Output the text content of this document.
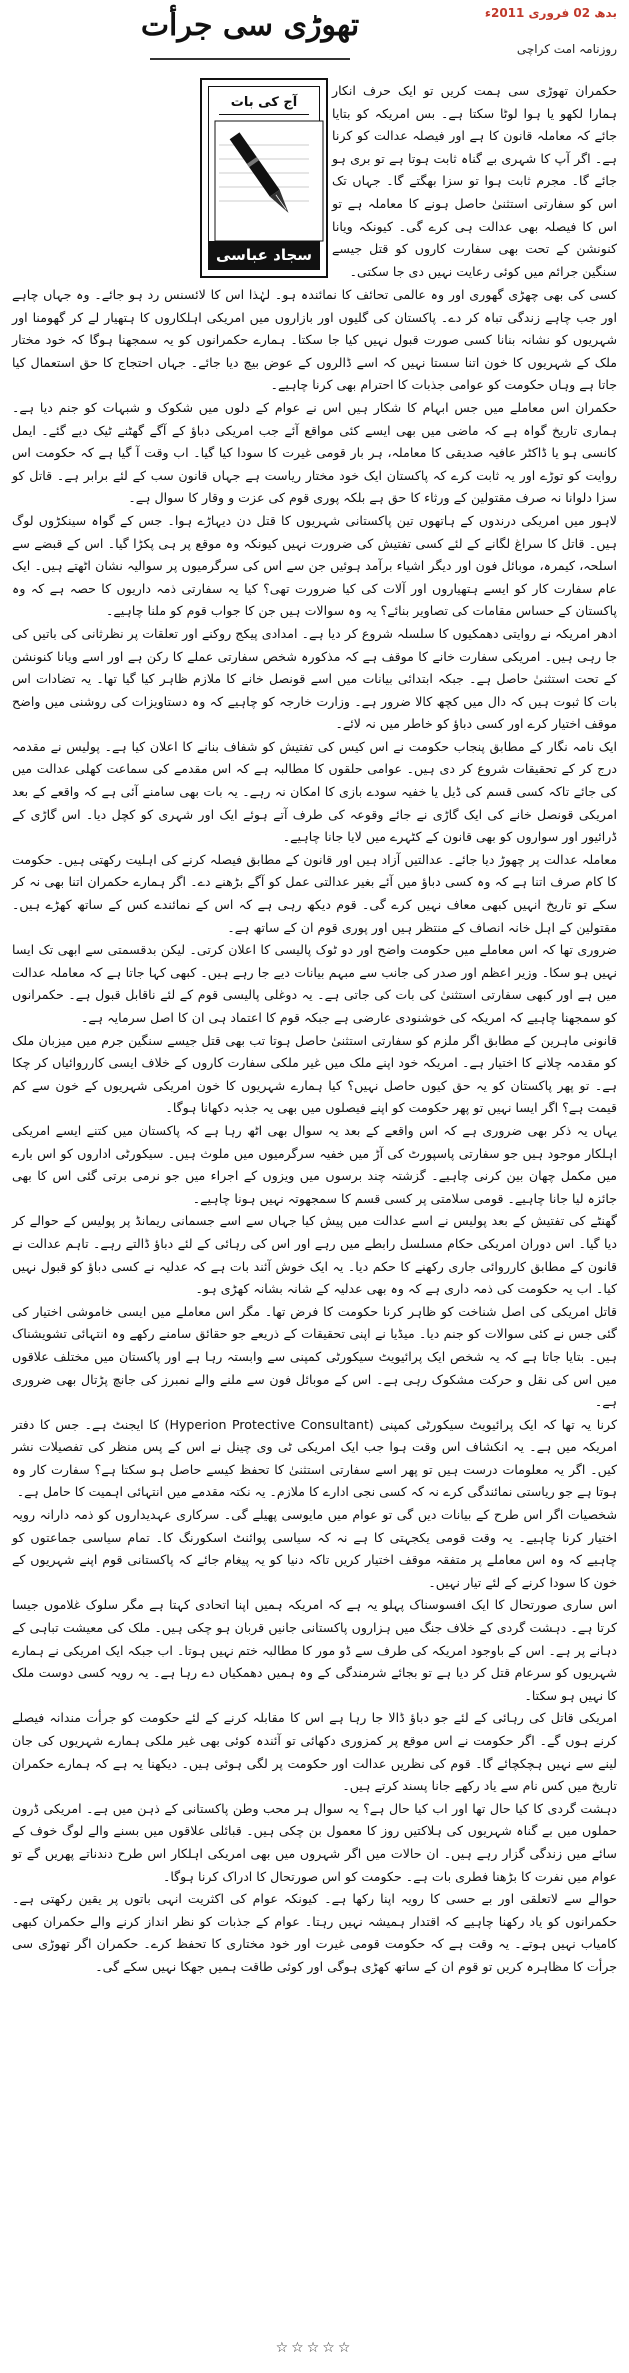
بدھ 02 فروری 2011ء
روزنامہ امت کراچی
تھوڑی سی جرأت
آج کی بات
سجاد عباسی

حکمران تھوڑی سی ہمت کریں تو ایک حرف انکار ہمارا لکھو یا ہوا لوٹا سکتا ہے۔ بس امریکہ کو بتایا جائے کہ معاملہ قانون کا ہے اور فیصلہ عدالت کو کرنا ہے۔ اگر آپ کا شہری بے گناہ ثابت ہوتا ہے تو بری ہو جائے گا۔ مجرم ثابت ہوا تو سزا بھگتے گا۔ جہاں تک اس کو سفارتی استثنیٰ حاصل ہونے کا معاملہ ہے تو اس کا فیصلہ بھی عدالت ہی کرے گی۔ کیونکہ ویانا کنونشن کے تحت بھی سفارت کاروں کو قتل جیسے سنگین جرائم میں کوئی رعایت نہیں دی جا سکتی۔

کسی کی بھی چھڑی گھوری اور وہ عالمی تحائف کا نمائندہ ہو۔ لہٰذا اس کا لائسنس رد ہو جائے۔ وہ جہاں چاہے اور جب چاہے زندگی تباہ کر دے۔ پاکستان کی گلیوں اور بازاروں میں امریکی اہلکاروں کا ہتھیار لے کر گھومنا اور شہریوں کو نشانہ بنانا کسی صورت قبول نہیں کیا جا سکتا۔ ہمارے حکمرانوں کو یہ سمجھنا ہوگا کہ خود مختار ملک کے شہریوں کا خون اتنا سستا نہیں کہ اسے ڈالروں کے عوض بیچ دیا جائے۔ جہاں احتجاج کا حق استعمال کیا جاتا ہے وہاں حکومت کو عوامی جذبات کا احترام بھی کرنا چاہیے۔

حکمران اس معاملے میں جس ابہام کا شکار ہیں اس نے عوام کے دلوں میں شکوک و شبہات کو جنم دیا ہے۔ ہماری تاریخ گواہ ہے کہ ماضی میں بھی ایسے کئی مواقع آئے جب امریکی دباؤ کے آگے گھٹنے ٹیک دیے گئے۔ ایمل کانسی ہو یا ڈاکٹر عافیہ صدیقی کا معاملہ، ہر بار قومی غیرت کا سودا کیا گیا۔ اب وقت آ گیا ہے کہ حکومت اس روایت کو توڑے اور یہ ثابت کرے کہ پاکستان ایک خود مختار ریاست ہے جہاں قانون سب کے لئے برابر ہے۔ قاتل کو سزا دلوانا نہ صرف مقتولین کے ورثاء کا حق ہے بلکہ پوری قوم کی عزت و وقار کا سوال ہے۔

لاہور میں امریکی درندوں کے ہاتھوں تین پاکستانی شہریوں کا قتل دن دیہاڑے ہوا۔ جس کے گواہ سینکڑوں لوگ ہیں۔ قاتل کا سراغ لگانے کے لئے کسی تفتیش کی ضرورت نہیں کیونکہ وہ موقع پر ہی پکڑا گیا۔ اس کے قبضے سے اسلحہ، کیمرہ، موبائل فون اور دیگر اشیاء برآمد ہوئیں جن سے اس کی سرگرمیوں پر سوالیہ نشان اٹھتے ہیں۔ ایک عام سفارت کار کو ایسے ہتھیاروں اور آلات کی کیا ضرورت تھی؟ کیا یہ سفارتی ذمہ داریوں کا حصہ ہے کہ وہ پاکستان کے حساس مقامات کی تصاویر بنائے؟ یہ وہ سوالات ہیں جن کا جواب قوم کو ملنا چاہیے۔

ادھر امریکہ نے روایتی دھمکیوں کا سلسلہ شروع کر دیا ہے۔ امدادی پیکج روکنے اور تعلقات پر نظرثانی کی باتیں کی جا رہی ہیں۔ امریکی سفارت خانے کا موقف ہے کہ مذکورہ شخص سفارتی عملے کا رکن ہے اور اسے ویانا کنونشن کے تحت استثنیٰ حاصل ہے۔ جبکہ ابتدائی بیانات میں اسے قونصل خانے کا ملازم ظاہر کیا گیا تھا۔ یہ تضادات اس بات کا ثبوت ہیں کہ دال میں کچھ کالا ضرور ہے۔ وزارت خارجہ کو چاہیے کہ وہ دستاویزات کی روشنی میں واضح موقف اختیار کرے اور کسی دباؤ کو خاطر میں نہ لائے۔

ایک نامہ نگار کے مطابق پنجاب حکومت نے اس کیس کی تفتیش کو شفاف بنانے کا اعلان کیا ہے۔ پولیس نے مقدمہ درج کر کے تحقیقات شروع کر دی ہیں۔ عوامی حلقوں کا مطالبہ ہے کہ اس مقدمے کی سماعت کھلی عدالت میں کی جائے تاکہ کسی قسم کی ڈیل یا خفیہ سودے بازی کا امکان نہ رہے۔ یہ بات بھی سامنے آئی ہے کہ واقعے کے بعد امریکی قونصل خانے کی ایک گاڑی نے جائے وقوعہ کی طرف آتے ہوئے ایک اور شہری کو کچل دیا۔ اس گاڑی کے ڈرائیور اور سواروں کو بھی قانون کے کٹہرے میں لایا جانا چاہیے۔

معاملہ عدالت پر چھوڑ دیا جائے۔ عدالتیں آزاد ہیں اور قانون کے مطابق فیصلہ کرنے کی اہلیت رکھتی ہیں۔ حکومت کا کام صرف اتنا ہے کہ وہ کسی دباؤ میں آئے بغیر عدالتی عمل کو آگے بڑھنے دے۔ اگر ہمارے حکمران اتنا بھی نہ کر سکے تو تاریخ انہیں کبھی معاف نہیں کرے گی۔ قوم دیکھ رہی ہے کہ اس کے نمائندے کس کے ساتھ کھڑے ہیں۔ مقتولین کے اہل خانہ انصاف کے منتظر ہیں اور پوری قوم ان کے ساتھ ہے۔

ضروری تھا کہ اس معاملے میں حکومت واضح اور دو ٹوک پالیسی کا اعلان کرتی۔ لیکن بدقسمتی سے ابھی تک ایسا نہیں ہو سکا۔ وزیر اعظم اور صدر کی جانب سے مبہم بیانات دیے جا رہے ہیں۔ کبھی کہا جاتا ہے کہ معاملہ عدالت میں ہے اور کبھی سفارتی استثنیٰ کی بات کی جاتی ہے۔ یہ دوغلی پالیسی قوم کے لئے ناقابل قبول ہے۔ حکمرانوں کو سمجھنا چاہیے کہ امریکہ کی خوشنودی عارضی ہے جبکہ قوم کا اعتماد ہی ان کا اصل سرمایہ ہے۔

قانونی ماہرین کے مطابق اگر ملزم کو سفارتی استثنیٰ حاصل ہوتا تب بھی قتل جیسے سنگین جرم میں میزبان ملک کو مقدمہ چلانے کا اختیار ہے۔ امریکہ خود اپنے ملک میں غیر ملکی سفارت کاروں کے خلاف ایسی کارروائیاں کر چکا ہے۔ تو پھر پاکستان کو یہ حق کیوں حاصل نہیں؟ کیا ہمارے شہریوں کا خون امریکی شہریوں کے خون سے کم قیمت ہے؟ اگر ایسا نہیں تو پھر حکومت کو اپنے فیصلوں میں بھی یہ جذبہ دکھانا ہوگا۔

یہاں یہ ذکر بھی ضروری ہے کہ اس واقعے کے بعد یہ سوال بھی اٹھ رہا ہے کہ پاکستان میں کتنے ایسے امریکی اہلکار موجود ہیں جو سفارتی پاسپورٹ کی آڑ میں خفیہ سرگرمیوں میں ملوث ہیں۔ سیکورٹی اداروں کو اس بارے میں مکمل چھان بین کرنی چاہیے۔ گزشتہ چند برسوں میں ویزوں کے اجراء میں جو نرمی برتی گئی اس کا بھی جائزہ لیا جانا چاہیے۔ قومی سلامتی پر کسی قسم کا سمجھوتہ نہیں ہونا چاہیے۔

گھنٹے کی تفتیش کے بعد پولیس نے اسے عدالت میں پیش کیا جہاں سے اسے جسمانی ریمانڈ پر پولیس کے حوالے کر دیا گیا۔ اس دوران امریکی حکام مسلسل رابطے میں رہے اور اس کی رہائی کے لئے دباؤ ڈالتے رہے۔ تاہم عدالت نے قانون کے مطابق کارروائی جاری رکھنے کا حکم دیا۔ یہ ایک خوش آئند بات ہے کہ عدلیہ نے کسی دباؤ کو قبول نہیں کیا۔ اب یہ حکومت کی ذمہ داری ہے کہ وہ بھی عدلیہ کے شانہ بشانہ کھڑی ہو۔

قاتل امریکی کی اصل شناخت کو ظاہر کرنا حکومت کا فرض تھا۔ مگر اس معاملے میں ایسی خاموشی اختیار کی گئی جس نے کئی سوالات کو جنم دیا۔ میڈیا نے اپنی تحقیقات کے ذریعے جو حقائق سامنے رکھے وہ انتہائی تشویشناک ہیں۔ بتایا جاتا ہے کہ یہ شخص ایک پرائیویٹ سیکورٹی کمپنی سے وابستہ رہا ہے اور پاکستان میں مختلف علاقوں میں اس کی نقل و حرکت مشکوک رہی ہے۔ اس کے موبائل فون سے ملنے والے نمبرز کی جانچ پڑتال بھی ضروری ہے۔

کرنا یہ تھا کہ ایک پرائیویٹ سیکورٹی کمپنی (Hyperion Protective Consultant) کا ایجنٹ ہے۔ جس کا دفتر امریکہ میں ہے۔ یہ انکشاف اس وقت ہوا جب ایک امریکی ٹی وی چینل نے اس کے پس منظر کی تفصیلات نشر کیں۔ اگر یہ معلومات درست ہیں تو پھر اسے سفارتی استثنیٰ کا تحفظ کیسے حاصل ہو سکتا ہے؟ سفارت کار وہ ہوتا ہے جو ریاستی نمائندگی کرے نہ کہ کسی نجی ادارے کا ملازم۔ یہ نکتہ مقدمے میں انتہائی اہمیت کا حامل ہے۔

شخصیات اگر اس طرح کے بیانات دیں گی تو عوام میں مایوسی پھیلے گی۔ سرکاری عہدیداروں کو ذمہ دارانہ رویہ اختیار کرنا چاہیے۔ یہ وقت قومی یکجہتی کا ہے نہ کہ سیاسی پوائنٹ اسکورنگ کا۔ تمام سیاسی جماعتوں کو چاہیے کہ وہ اس معاملے پر متفقہ موقف اختیار کریں تاکہ دنیا کو یہ پیغام جائے کہ پاکستانی قوم اپنے شہریوں کے خون کا سودا کرنے کے لئے تیار نہیں۔

اس ساری صورتحال کا ایک افسوسناک پہلو یہ ہے کہ امریکہ ہمیں اپنا اتحادی کہتا ہے مگر سلوک غلاموں جیسا کرتا ہے۔ دہشت گردی کے خلاف جنگ میں ہزاروں پاکستانی جانیں قربان ہو چکی ہیں۔ ملک کی معیشت تباہی کے دہانے پر ہے۔ اس کے باوجود امریکہ کی طرف سے ڈو مور کا مطالبہ ختم نہیں ہوتا۔ اب جبکہ ایک امریکی نے ہمارے شہریوں کو سرعام قتل کر دیا ہے تو بجائے شرمندگی کے وہ ہمیں دھمکیاں دے رہا ہے۔ یہ رویہ کسی دوست ملک کا نہیں ہو سکتا۔

امریکی قاتل کی رہائی کے لئے جو دباؤ ڈالا جا رہا ہے اس کا مقابلہ کرنے کے لئے حکومت کو جرأت مندانہ فیصلے کرنے ہوں گے۔ اگر حکومت نے اس موقع پر کمزوری دکھائی تو آئندہ کوئی بھی غیر ملکی ہمارے شہریوں کی جان لینے سے نہیں ہچکچائے گا۔ قوم کی نظریں عدالت اور حکومت پر لگی ہوئی ہیں۔ دیکھنا یہ ہے کہ ہمارے حکمران تاریخ میں کس نام سے یاد رکھے جانا پسند کرتے ہیں۔

دہشت گردی کا کیا حال تھا اور اب کیا حال ہے؟ یہ سوال ہر محب وطن پاکستانی کے ذہن میں ہے۔ امریکی ڈرون حملوں میں بے گناہ شہریوں کی ہلاکتیں روز کا معمول بن چکی ہیں۔ قبائلی علاقوں میں بسنے والے لوگ خوف کے سائے میں زندگی گزار رہے ہیں۔ ان حالات میں اگر شہروں میں بھی امریکی اہلکار اس طرح دندناتے پھریں گے تو عوام میں نفرت کا بڑھنا فطری بات ہے۔ حکومت کو اس صورتحال کا ادراک کرنا ہوگا۔

حوالے سے لاتعلقی اور بے حسی کا رویہ اپنا رکھا ہے۔ کیونکہ عوام کی اکثریت انہی باتوں پر یقین رکھتی ہے۔ حکمرانوں کو یاد رکھنا چاہیے کہ اقتدار ہمیشہ نہیں رہتا۔ عوام کے جذبات کو نظر انداز کرنے والے حکمران کبھی کامیاب نہیں ہوتے۔ یہ وقت ہے کہ حکومت قومی غیرت اور خود مختاری کا تحفظ کرے۔ حکمران اگر تھوڑی سی جرأت کا مظاہرہ کریں تو قوم ان کے ساتھ کھڑی ہوگی اور کوئی طاقت ہمیں جھکا نہیں سکے گی۔

☆☆☆☆☆
